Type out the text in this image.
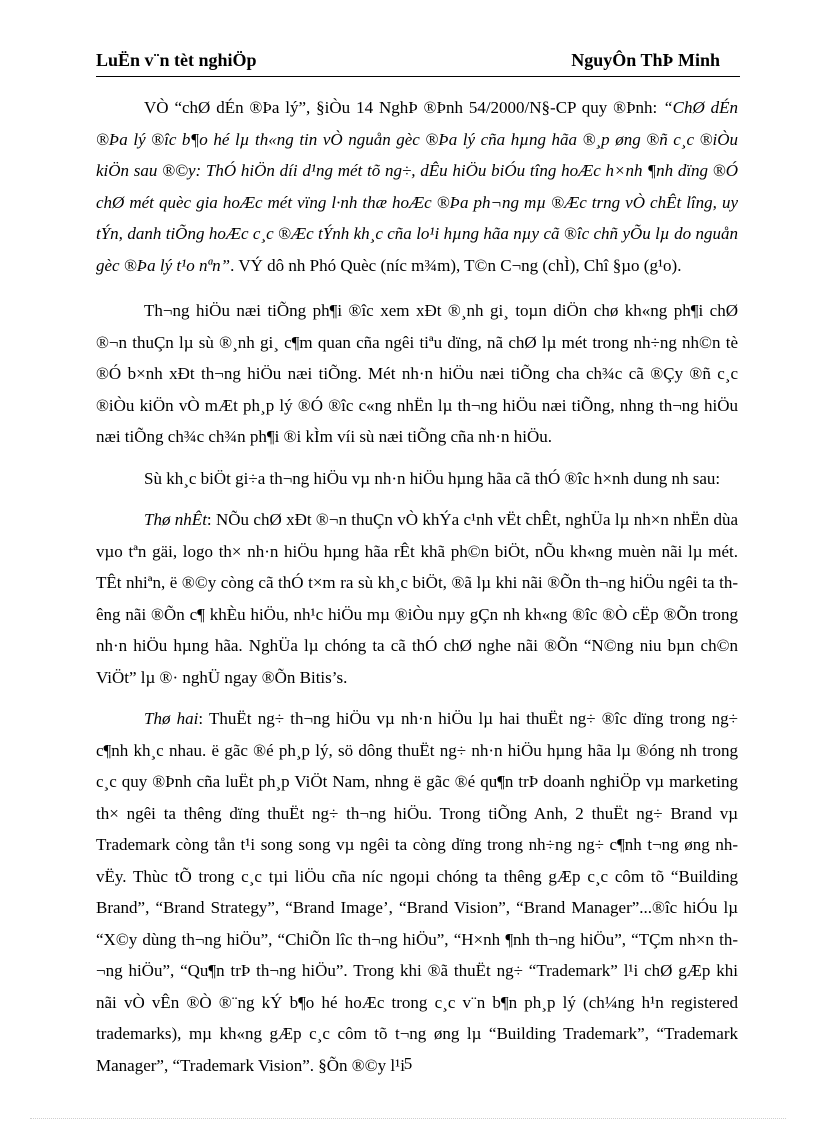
LuËn v¨n tèt nghiÖp	NguyÔn ThÞ Minh

VÒ “chØ dÉn ®Þa lý”, §iÒu 14 NghÞ ®Þnh 54/2000/N§-CP quy ®Þnh: “ChØ dÉn ®Þa lý ®îc b¶o hé lµ th«ng tin vÒ nguån gèc ®Þa lý cña hµng hãa ®¸p øng ®ñ c¸c ®iÒu kiÖn sau ®©y: ThÓ hiÖn díi d¹ng mét tõ ng÷, dÊu hiÖu biÓu tîng hoÆc h×nh ¶nh dïng ®Ó chØ mét quèc gia hoÆc mét vïng l·nh thæ hoÆc ®Þa ph¬ng mµ ®Æc trng vÒ chÊt lîng, uy tÝn, danh tiÕng hoÆc c¸c ®Æc tÝnh kh¸c cña lo¹i hµng hãa nµy cã ®îc chñ yÕu lµ do nguån gèc ®Þa lý t¹o nªn”. VÝ dô nh Phó Quèc (níc m¾m), T©n C¬ng (chÌ), Chî §µo (g¹o).

Th¬ng hiÖu næi tiÕng ph¶i ®îc xem xÐt ®¸nh gi¸ toµn diÖn chø kh«ng ph¶i chØ ®¬n thuÇn lµ sù ®¸nh gi¸ c¶m quan cña ngêi tiªu dïng, nã chØ lµ mét trong nh÷ng nh©n tè ®Ó b×nh xÐt th¬ng hiÖu næi tiÕng. Mét nh·n hiÖu næi tiÕng cha ch¾c cã ®Çy ®ñ c¸c ®iÒu kiÖn vÒ mÆt ph¸p lý ®Ó ®îc c«ng nhËn lµ th¬ng hiÖu næi tiÕng, nhng th¬ng hiÖu næi tiÕng ch¾c ch¾n ph¶i ®i kÌm víi sù næi tiÕng cña nh·n hiÖu.

Sù kh¸c biÖt gi÷a th¬ng hiÖu vµ nh·n hiÖu hµng hãa cã thÓ ®îc h×nh dung nh sau:

Thø nhÊt: NÕu chØ xÐt ®¬n thuÇn vÒ khÝa c¹nh vËt chÊt, nghÜa lµ nh×n nhËn dùa vµo tªn gäi, logo th× nh·n hiÖu hµng hãa rÊt khã ph©n biÖt, nÕu kh«ng muèn nãi lµ mét. TÊt nhiªn, ë ®©y còng cã thÓ t×m ra sù kh¸c biÖt, ®ã lµ khi nãi ®Õn th¬ng hiÖu ngêi ta thêng nãi ®Õn c¶ khÈu hiÖu, nh¹c hiÖu mµ ®iÒu nµy gÇn nh kh«ng ®îc ®Ò cËp ®Õn trong nh·n hiÖu hµng hãa. NghÜa lµ chóng ta cã thÓ chØ nghe nãi ®Õn “N©ng niu bµn ch©n ViÖt” lµ ®· nghÜ ngay ®Õn Bitis’s.

Thø hai: ThuËt ng÷ th¬ng hiÖu vµ nh·n hiÖu lµ hai thuËt ng÷ ®îc dïng trong ng÷ c¶nh kh¸c nhau. ë gãc ®é ph¸p lý, sö dông thuËt ng÷ nh·n hiÖu hµng hãa lµ ®óng nh trong c¸c quy ®Þnh cña luËt ph¸p ViÖt Nam, nhng ë gãc ®é qu¶n trÞ doanh nghiÖp vµ marketing th× ngêi ta thêng dïng thuËt ng÷ th¬ng hiÖu. Trong tiÕng Anh, 2 thuËt ng÷ Brand vµ Trademark còng tån t¹i song song vµ ngêi ta còng dïng trong nh÷ng ng÷ c¶nh t¬ng øng nh vËy. Thùc tÕ trong c¸c tµi liÖu cña níc ngoµi chóng ta thêng gÆp c¸c côm tõ “Building Brand”, “Brand Strategy”, “Brand Image’, “Brand Vision”, “Brand Manager”...®îc hiÓu lµ “X©y dùng th¬ng hiÖu”, “ChiÕn lîc th¬ng hiÖu”, “H×nh ¶nh th¬ng hiÖu”, “TÇm nh×n th¬ng hiÖu”, “Qu¶n trÞ th¬ng hiÖu”. Trong khi ®ã thuËt ng÷ “Trademark” l¹i chØ gÆp khi nãi vÒ vÊn ®Ò ®¨ng kÝ b¶o hé hoÆc trong c¸c v¨n b¶n ph¸p lý (ch¼ng h¹n registered trademarks), mµ kh«ng gÆp c¸c côm tõ t¬ng øng lµ “Building Trademark”, “Trademark Manager”, “Trademark Vision”. §Õn ®©y l¹i

5
